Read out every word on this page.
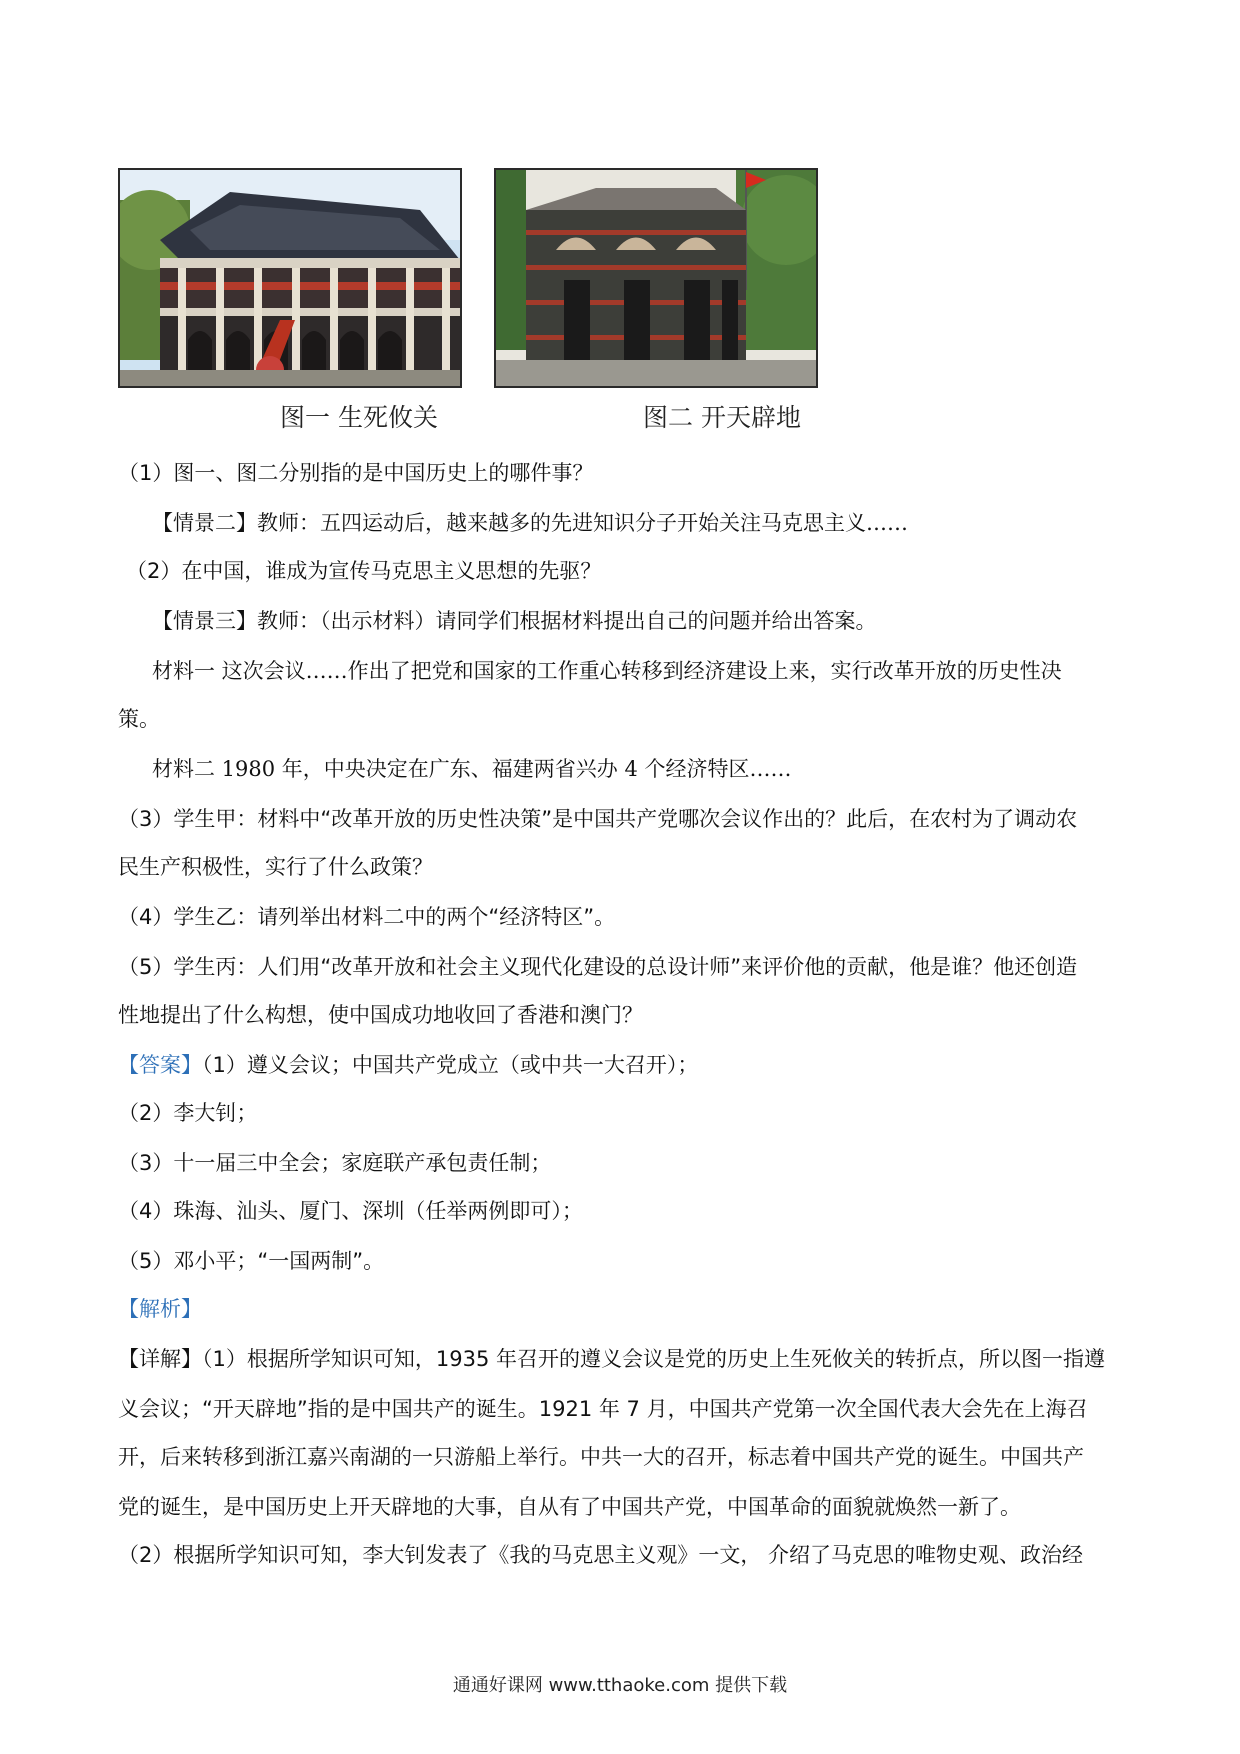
图一 生死攸关	图二 开天辟地
（1）图一、图二分别指的是中国历史上的哪件事？
【情景二】教师：五四运动后，越来越多的先进知识分子开始关注马克思主义……
（2）在中国，谁成为宣传马克思主义思想的先驱？
【情景三】教师：（出示材料）请同学们根据材料提出自己的问题并给出答案。
材料一 这次会议……作出了把党和国家的工作重心转移到经济建设上来，实行改革开放的历史性决
策。
材料二 1980 年，中央决定在广东、福建两省兴办 4 个经济特区……
（3）学生甲：材料中“改革开放的历史性决策”是中国共产党哪次会议作出的？此后，在农村为了调动农
民生产积极性，实行了什么政策？
（4）学生乙：请列举出材料二中的两个“经济特区”。
（5）学生丙：人们用“改革开放和社会主义现代化建设的总设计师”来评价他的贡献，他是谁？他还创造
性地提出了什么构想，使中国成功地收回了香港和澳门？
【答案】（1）遵义会议；中国共产党成立（或中共一大召开）；
（2）李大钊；
（3）十一届三中全会；家庭联产承包责任制；
（4）珠海、汕头、厦门、深圳（任举两例即可）；
（5）邓小平；“一国两制”。
【解析】
【详解】（1）根据所学知识可知，1935 年召开的遵义会议是党的历史上生死攸关的转折点，所以图一指遵
义会议；“开天辟地”指的是中国共产的诞生。1921 年 7 月，中国共产党第一次全国代表大会先在上海召
开，后来转移到浙江嘉兴南湖的一只游船上举行。中共一大的召开，标志着中国共产党的诞生。中国共产
党的诞生，是中国历史上开天辟地的大事，自从有了中国共产党，中国革命的面貌就焕然一新了。
（2）根据所学知识可知，李大钊发表了《我的马克思主义观》一文， 介绍了马克思的唯物史观、政治经
通通好课网 www.tthaoke.com 提供下载
